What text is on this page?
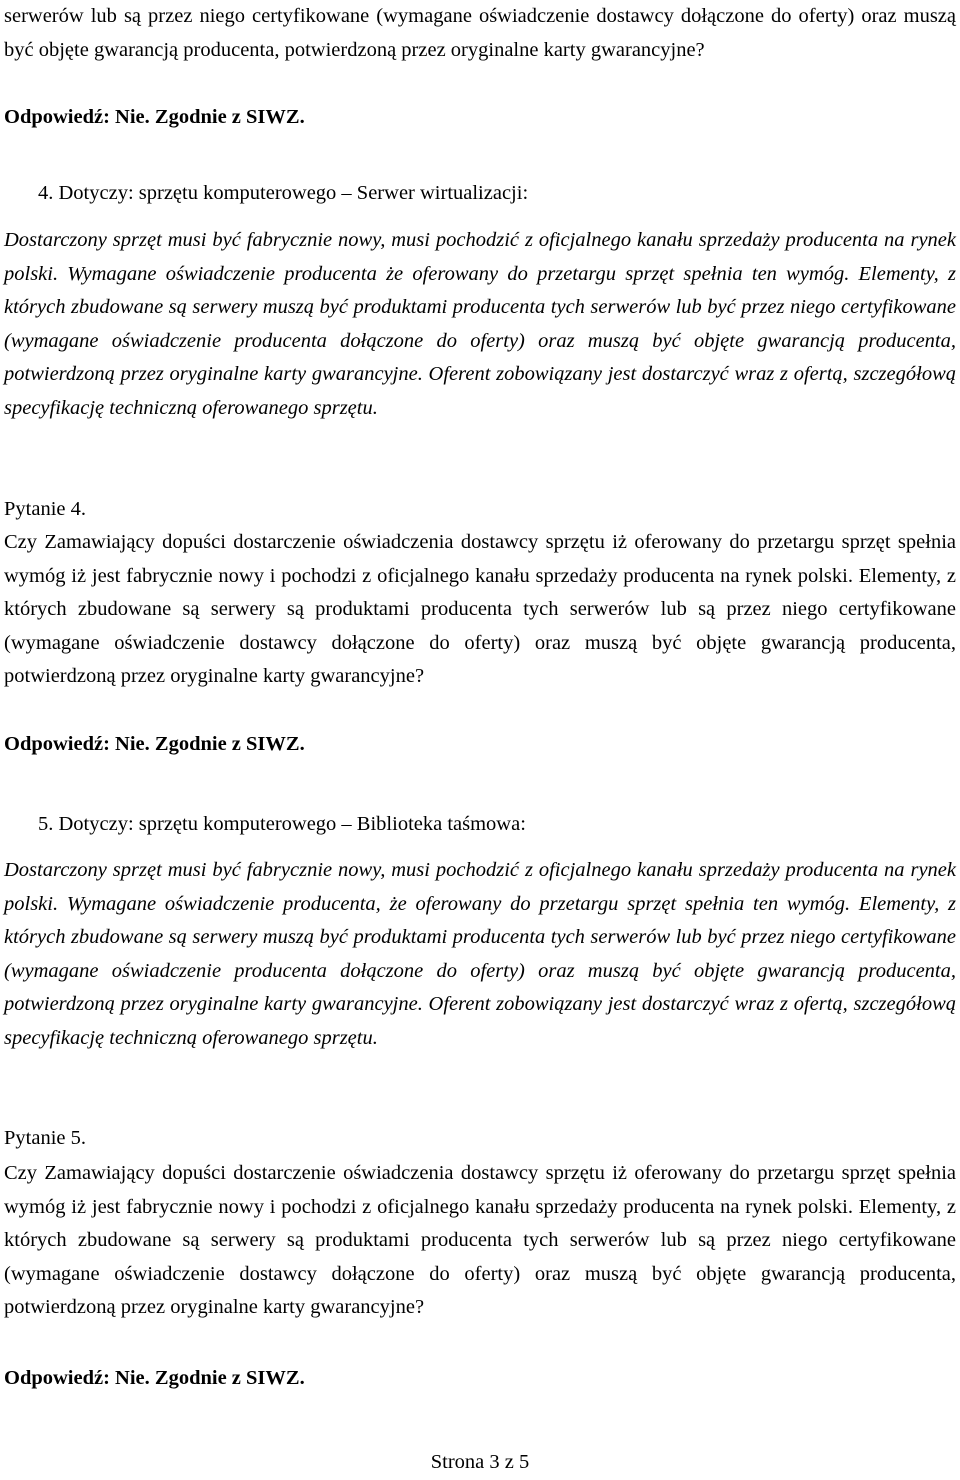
serwerów lub są przez niego certyfikowane (wymagane oświadczenie dostawcy dołączone do oferty) oraz muszą być objęte gwarancją producenta, potwierdzoną przez oryginalne karty gwarancyjne?

Odpowiedź: Nie. Zgodnie z SIWZ.

4. Dotyczy: sprzętu komputerowego – Serwer wirtualizacji:

Dostarczony sprzęt musi być fabrycznie nowy, musi pochodzić z oficjalnego kanału sprzedaży producenta na rynek polski. Wymagane oświadczenie producenta że oferowany do przetargu sprzęt spełnia ten wymóg. Elementy, z których zbudowane są serwery muszą być produktami producenta tych serwerów lub być przez niego certyfikowane (wymagane oświadczenie producenta dołączone do oferty) oraz muszą być objęte gwarancją producenta, potwierdzoną przez oryginalne karty gwarancyjne. Oferent zobowiązany jest dostarczyć wraz z ofertą, szczegółową specyfikację techniczną oferowanego sprzętu.

Pytanie 4.

Czy Zamawiający dopuści dostarczenie oświadczenia dostawcy sprzętu iż oferowany do przetargu sprzęt spełnia wymóg iż jest fabrycznie nowy i pochodzi z oficjalnego kanału sprzedaży producenta na rynek polski. Elementy, z których zbudowane są serwery są produktami producenta tych serwerów lub są przez niego certyfikowane (wymagane oświadczenie dostawcy dołączone do oferty) oraz muszą być objęte gwarancją producenta, potwierdzoną przez oryginalne karty gwarancyjne?

Odpowiedź: Nie. Zgodnie z SIWZ.

5. Dotyczy: sprzętu komputerowego – Biblioteka taśmowa:

Dostarczony sprzęt musi być fabrycznie nowy, musi pochodzić z oficjalnego kanału sprzedaży producenta na rynek polski. Wymagane oświadczenie producenta, że oferowany do przetargu sprzęt spełnia ten wymóg. Elementy, z których zbudowane są serwery muszą być produktami producenta tych serwerów lub być przez niego certyfikowane (wymagane oświadczenie producenta dołączone do oferty) oraz muszą być objęte gwarancją producenta, potwierdzoną przez oryginalne karty gwarancyjne. Oferent zobowiązany jest dostarczyć wraz z ofertą, szczegółową specyfikację techniczną oferowanego sprzętu.

Pytanie 5.

Czy Zamawiający dopuści dostarczenie oświadczenia dostawcy sprzętu iż oferowany do przetargu sprzęt spełnia wymóg iż jest fabrycznie nowy i pochodzi z oficjalnego kanału sprzedaży producenta na rynek polski. Elementy, z których zbudowane są serwery są produktami producenta tych serwerów lub są przez niego certyfikowane (wymagane oświadczenie dostawcy dołączone do oferty) oraz muszą być objęte gwarancją producenta, potwierdzoną przez oryginalne karty gwarancyjne?

Odpowiedź: Nie. Zgodnie z SIWZ.

Strona 3 z 5
